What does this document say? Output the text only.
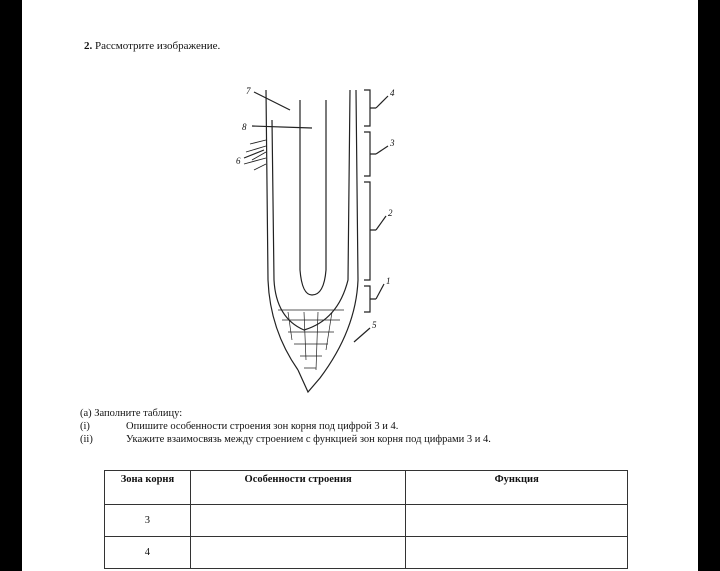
2. Рассмотрите изображение.
7
8
6
4
3
2
1
5
(а) Заполните таблицу:
(i)	Опишите особенности строения зон корня под цифрой 3 и 4.
(ii)	Укажите взаимосвязь между строением с функцией зон корня под цифрами 3 и 4.
Зона корня	Особенности строения	Функция
3		
4		
